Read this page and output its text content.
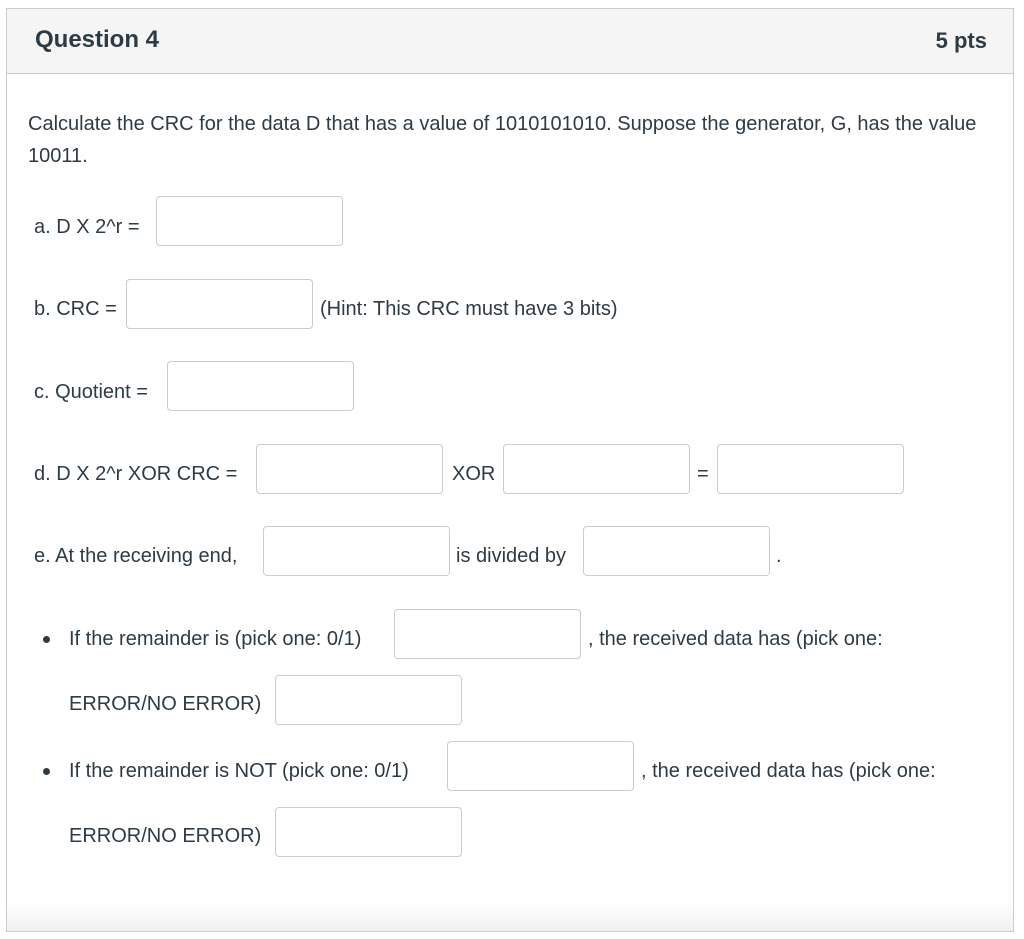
Question 4	5 pts
Calculate the CRC for the data D that has a value of 1010101010. Suppose the generator, G, has the value 10011.
a. D X 2^r =
b. CRC =	(Hint: This CRC must have 3 bits)
c. Quotient =
d. D X 2^r XOR CRC =	XOR	=
e. At the receiving end,	is divided by	.
If the remainder is (pick one: 0/1)	, the received data has (pick one:
ERROR/NO ERROR)
If the remainder is NOT (pick one: 0/1)	, the received data has (pick one:
ERROR/NO ERROR)
